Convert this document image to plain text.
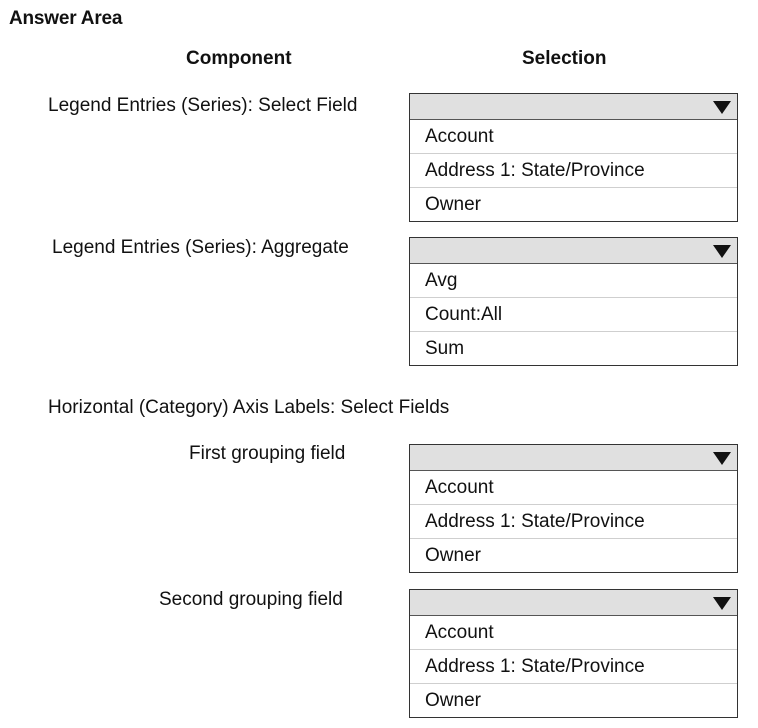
Answer Area
Component	Selection
Legend Entries (Series): Select Field
Account
Address 1: State/Province
Owner
Legend Entries (Series): Aggregate
Avg
Count:All
Sum
Horizontal (Category) Axis Labels: Select Fields
First grouping field
Account
Address 1: State/Province
Owner
Second grouping field
Account
Address 1: State/Province
Owner
